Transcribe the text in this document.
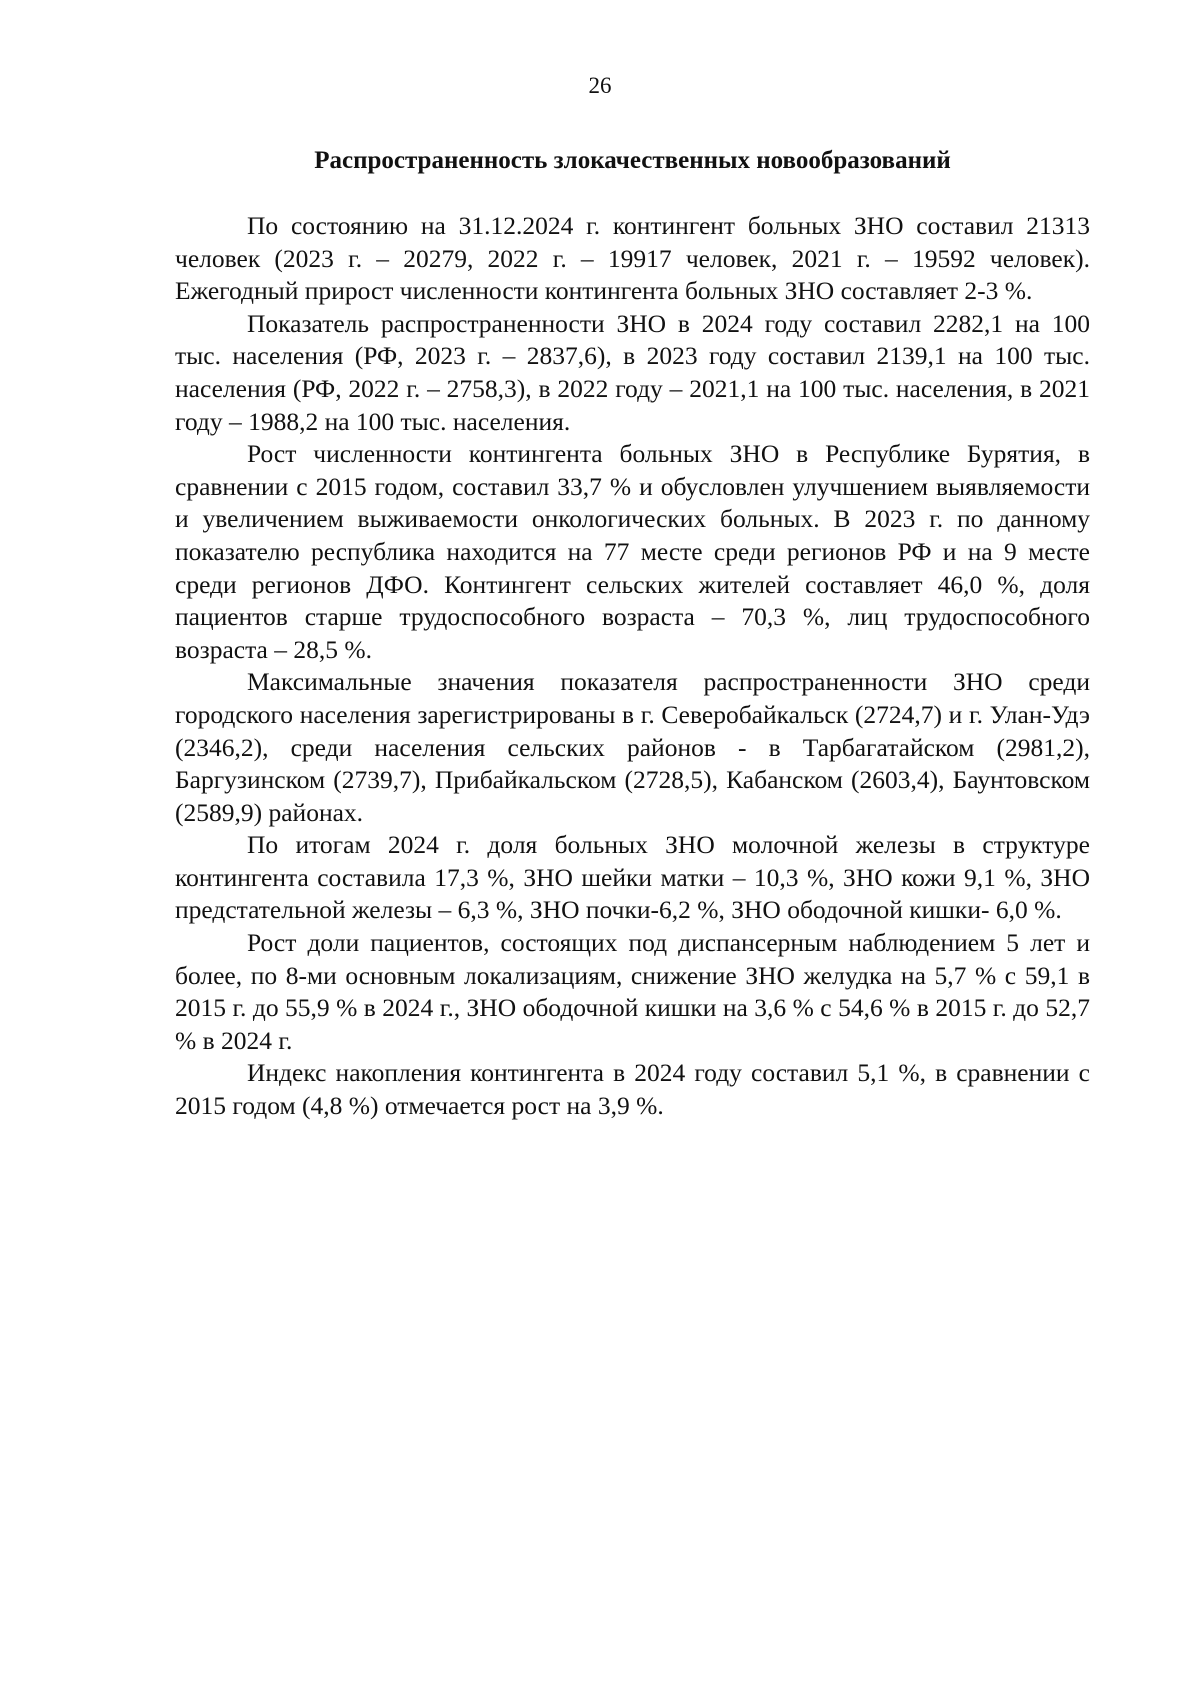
26
Распространенность злокачественных новообразований

По состоянию на 31.12.2024 г. контингент больных ЗНО составил 21313 человек (2023 г. – 20279, 2022 г. – 19917 человек, 2021 г. – 19592 человек). Ежегодный прирост численности контингента больных ЗНО составляет 2-3 %.

Показатель распространенности ЗНО в 2024 году составил 2282,1 на 100 тыс. населения (РФ, 2023 г. – 2837,6), в 2023 году составил 2139,1 на 100 тыс. населения (РФ, 2022 г. – 2758,3), в 2022 году – 2021,1 на 100 тыс. населения, в 2021 году – 1988,2 на 100 тыс. населения.

Рост численности контингента больных ЗНО в Республике Бурятия, в сравнении с 2015 годом, составил 33,7 % и обусловлен улучшением выявляемости и увеличением выживаемости онкологических больных. В 2023 г. по данному показателю республика находится на 77 месте среди регионов РФ и на 9 месте среди регионов ДФО. Контингент сельских жителей составляет 46,0 %, доля пациентов старше трудоспособного возраста – 70,3 %, лиц трудоспособного возраста – 28,5 %.

Максимальные значения показателя распространенности ЗНО среди городского населения зарегистрированы в г. Северобайкальск (2724,7) и г. Улан-Удэ (2346,2), среди населения сельских районов - в Тарбагатайском (2981,2), Баргузинском (2739,7), Прибайкальском (2728,5), Кабанском (2603,4), Баунтовском (2589,9) районах.

По итогам 2024 г. доля больных ЗНО молочной железы в структуре контингента составила 17,3 %, ЗНО шейки матки – 10,3 %, ЗНО кожи 9,1 %, ЗНО предстательной железы – 6,3 %, ЗНО почки-6,2 %, ЗНО ободочной кишки- 6,0 %.

Рост доли пациентов, состоящих под диспансерным наблюдением 5 лет и более, по 8-ми основным локализациям, снижение ЗНО желудка на 5,7 % с 59,1 в 2015 г. до 55,9 % в 2024 г., ЗНО ободочной кишки на 3,6 % с 54,6 % в 2015 г. до 52,7 % в 2024 г.

Индекс накопления контингента в 2024 году составил 5,1 %, в сравнении с 2015 годом (4,8 %) отмечается рост на 3,9 %.
